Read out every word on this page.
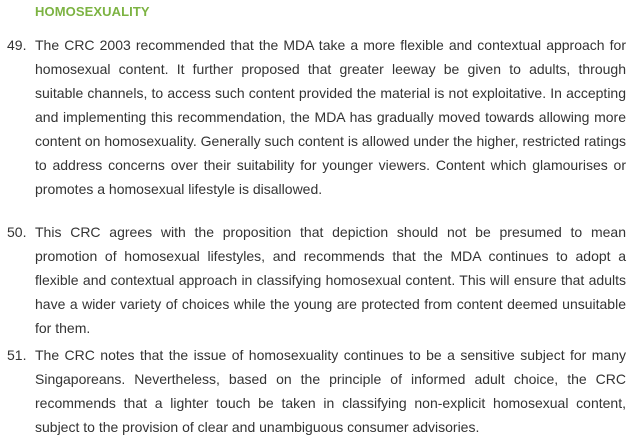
HOMOSEXUALITY
49. The CRC 2003 recommended that the MDA take a more flexible and contextual approach for homosexual content. It further proposed that greater leeway be given to adults, through suitable channels, to access such content provided the material is not exploitative. In accepting and implementing this recommendation, the MDA has gradually moved towards allowing more content on homosexuality. Generally such content is allowed under the higher, restricted ratings to address concerns over their suitability for younger viewers. Content which glamourises or promotes a homosexual lifestyle is disallowed.
50. This CRC agrees with the proposition that depiction should not be presumed to mean promotion of homosexual lifestyles, and recommends that the MDA continues to adopt a flexible and contextual approach in classifying homosexual content. This will ensure that adults have a wider variety of choices while the young are protected from content deemed unsuitable for them.
51. The CRC notes that the issue of homosexuality continues to be a sensitive subject for many Singaporeans. Nevertheless, based on the principle of informed adult choice, the CRC recommends that a lighter touch be taken in classifying non-explicit homosexual content, subject to the provision of clear and unambiguous consumer advisories.
